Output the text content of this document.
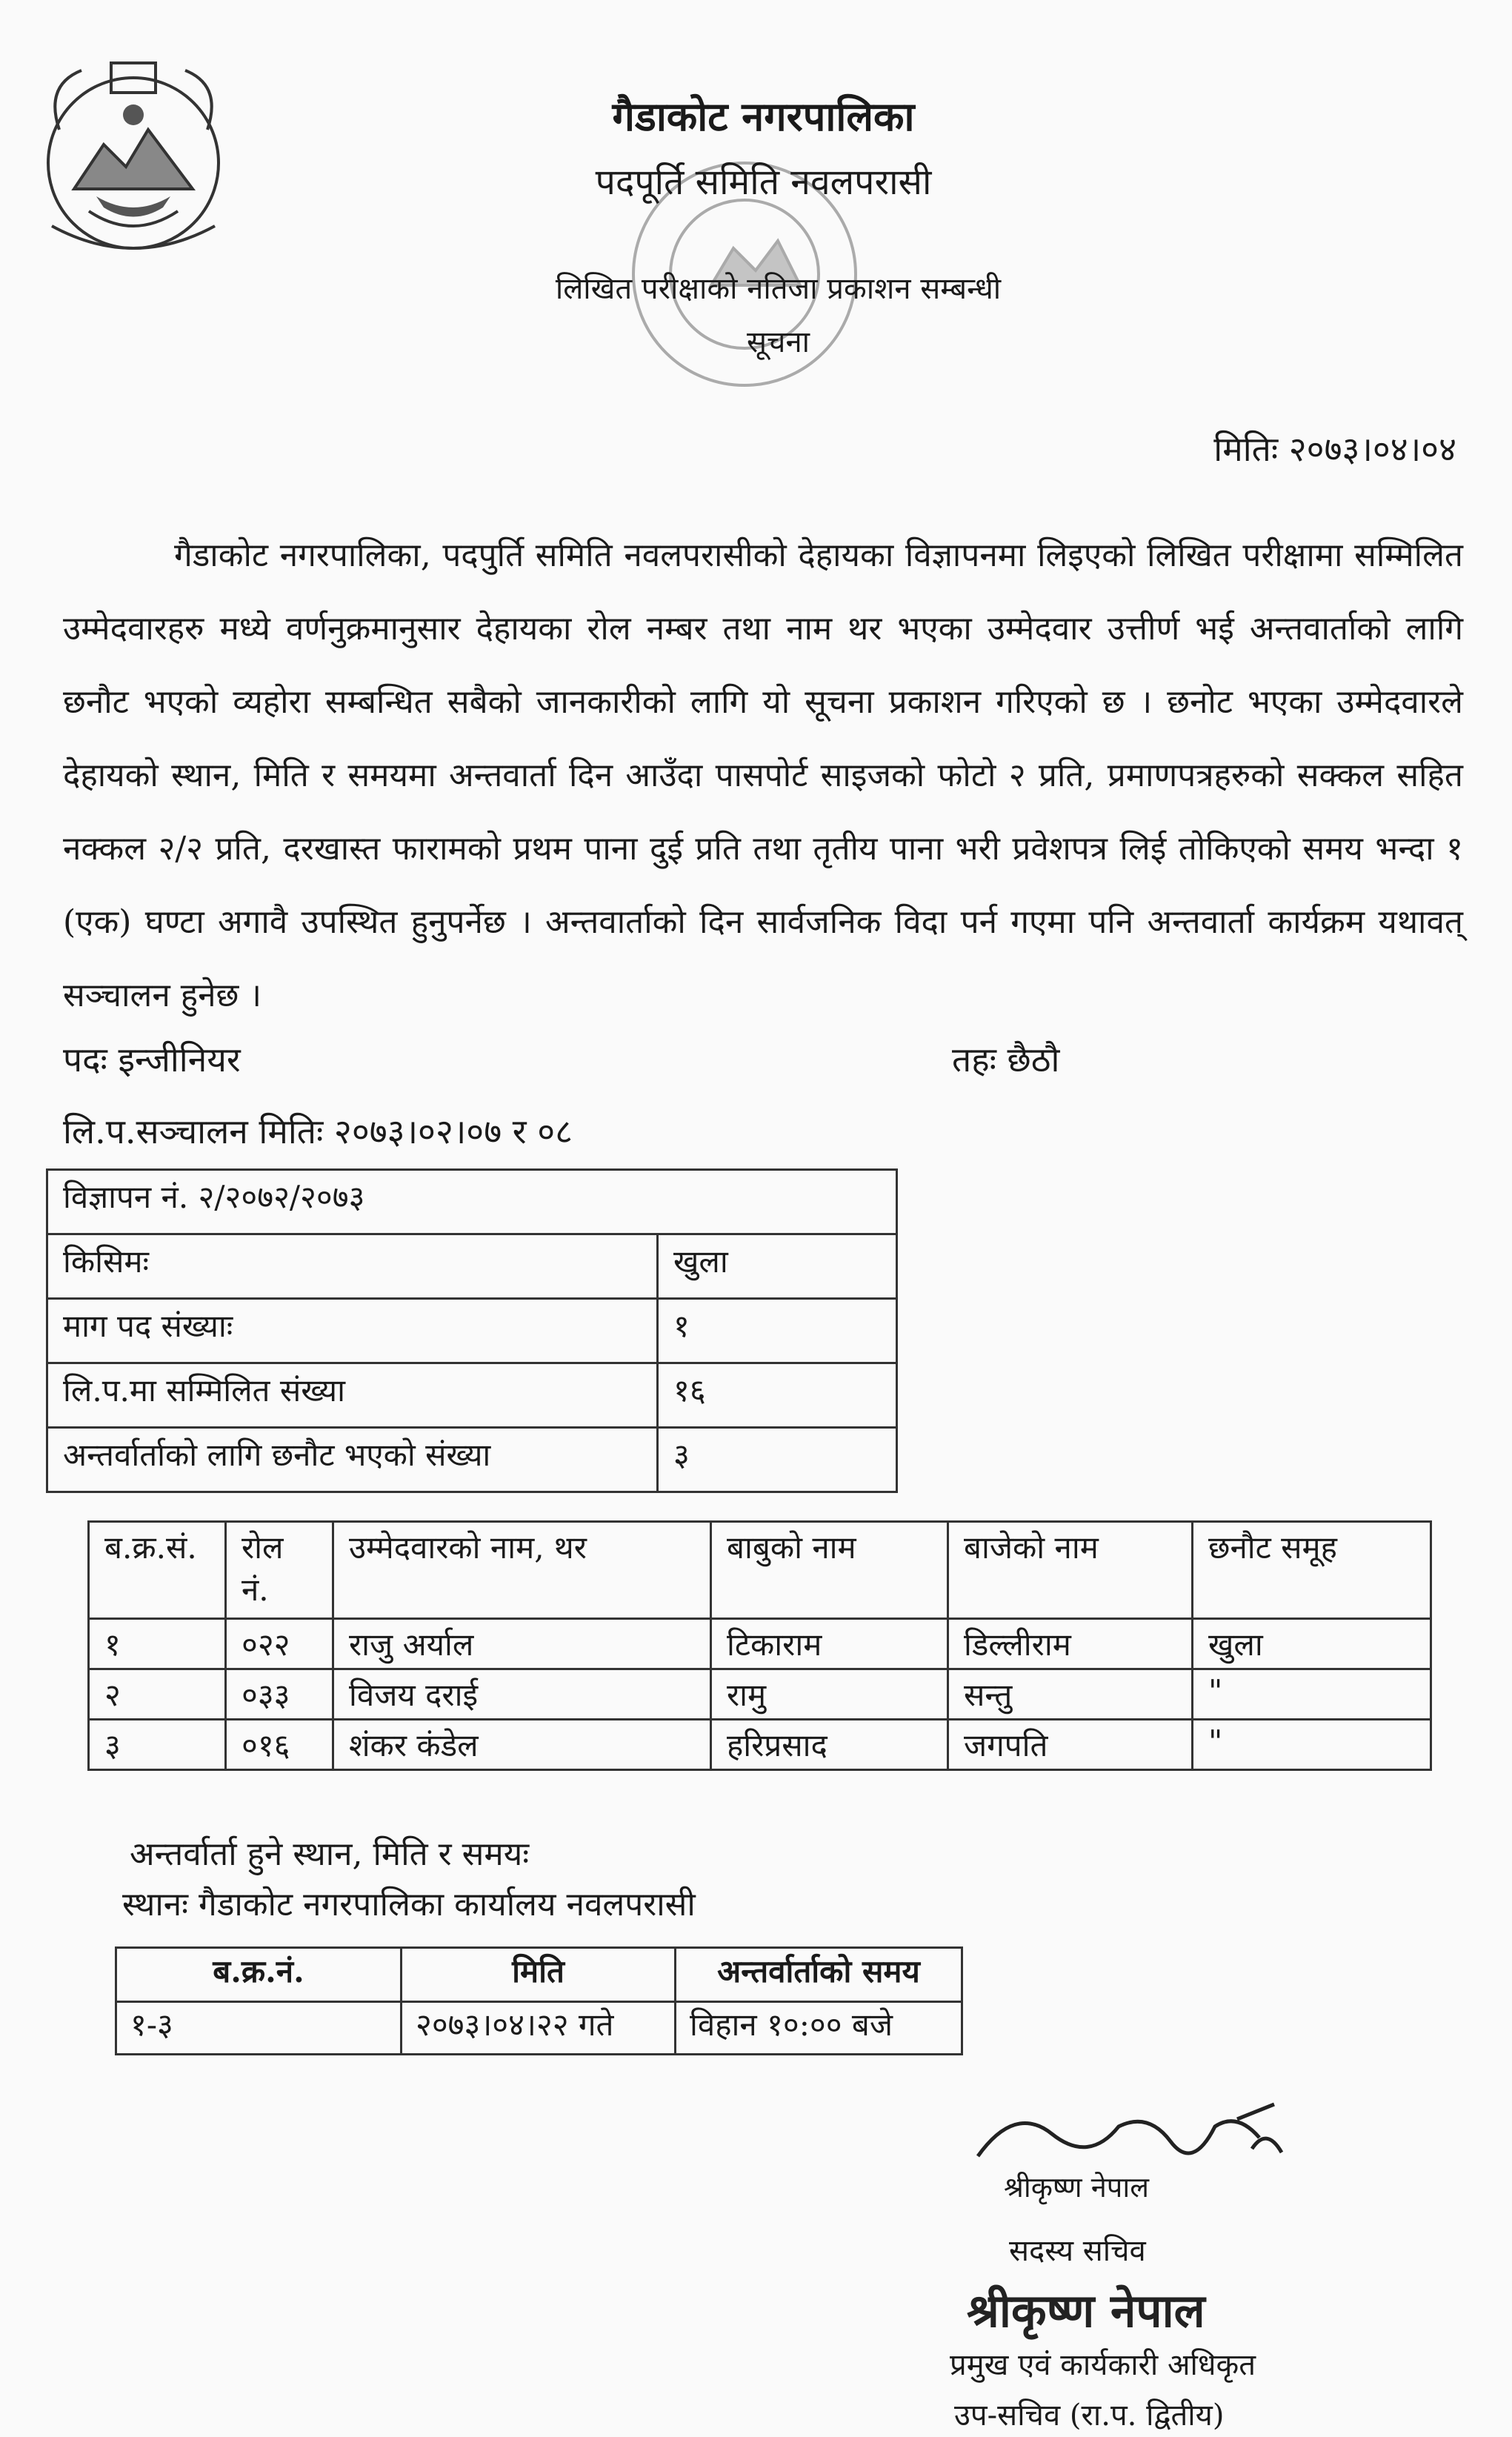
गैडाकोट नगरपालिका
पदपूर्ति समिति नवलपरासी
लिखित परीक्षाको नतिजा प्रकाशन सम्बन्धी
सूचना
मितिः २०७३।०४।०४
गैडाकोट नगरपालिका, पदपुर्ति समिति नवलपरासीको देहायका विज्ञापनमा लिइएको लिखित परीक्षामा सम्मिलित उम्मेदवारहरु मध्ये वर्णनुक्रमानुसार देहायका रोल नम्बर तथा नाम थर भएका उम्मेदवार उत्तीर्ण भई अन्तवार्ताको लागि छनौट भएको व्यहोरा सम्बन्धित सबैको जानकारीको लागि यो सूचना प्रकाशन गरिएको छ । छनोट भएका उम्मेदवारले देहायको स्थान, मिति र समयमा अन्तवार्ता दिन आउँदा पासपोर्ट साइजको फोटो २ प्रति, प्रमाणपत्रहरुको सक्कल सहित नक्कल २/२ प्रति, दरखास्त फारामको प्रथम पाना दुई प्रति तथा तृतीय पाना भरी प्रवेशपत्र लिई तोकिएको समय भन्दा १ (एक) घण्टा अगावै उपस्थित हुनुपर्नेछ । अन्तवार्ताको दिन सार्वजनिक विदा पर्न गएमा पनि अन्तवार्ता कार्यक्रम यथावत् सञ्चालन हुनेछ ।
पदः इन्जीनियर	तहः छैठौ
लि.प.सञ्चालन मितिः २०७३।०२।०७ र ०८
विज्ञापन नं. २/२०७२/२०७३	
किसिमः	खुला
माग पद संख्याः	१
लि.प.मा सम्मिलित संख्या	१६
अन्तर्वार्ताको लागि छनौट भएको संख्या	३
ब.क्र.सं.	रोल नं.	उम्मेदवारको नाम, थर	बाबुको नाम	बाजेको नाम	छनौट समूह
१	०२२	राजु अर्याल	टिकाराम	डिल्लीराम	खुला
२	०३३	विजय दराई	रामु	सन्तु	"
३	०१६	शंकर कंडेल	हरिप्रसाद	जगपति	"
अन्तर्वार्ता हुने स्थान, मिति र समयः
स्थानः गैडाकोट नगरपालिका कार्यालय नवलपरासी
ब.क्र.नं.	मिति	अन्तर्वार्ताको समय
१-३	२०७३।०४।२२ गते	विहान १०:०० बजे
श्रीकृष्ण नेपाल
सदस्य सचिव
श्रीकृष्ण नेपाल
प्रमुख एवं कार्यकारी अधिकृत
उप-सचिव (रा.प. द्वितीय)
